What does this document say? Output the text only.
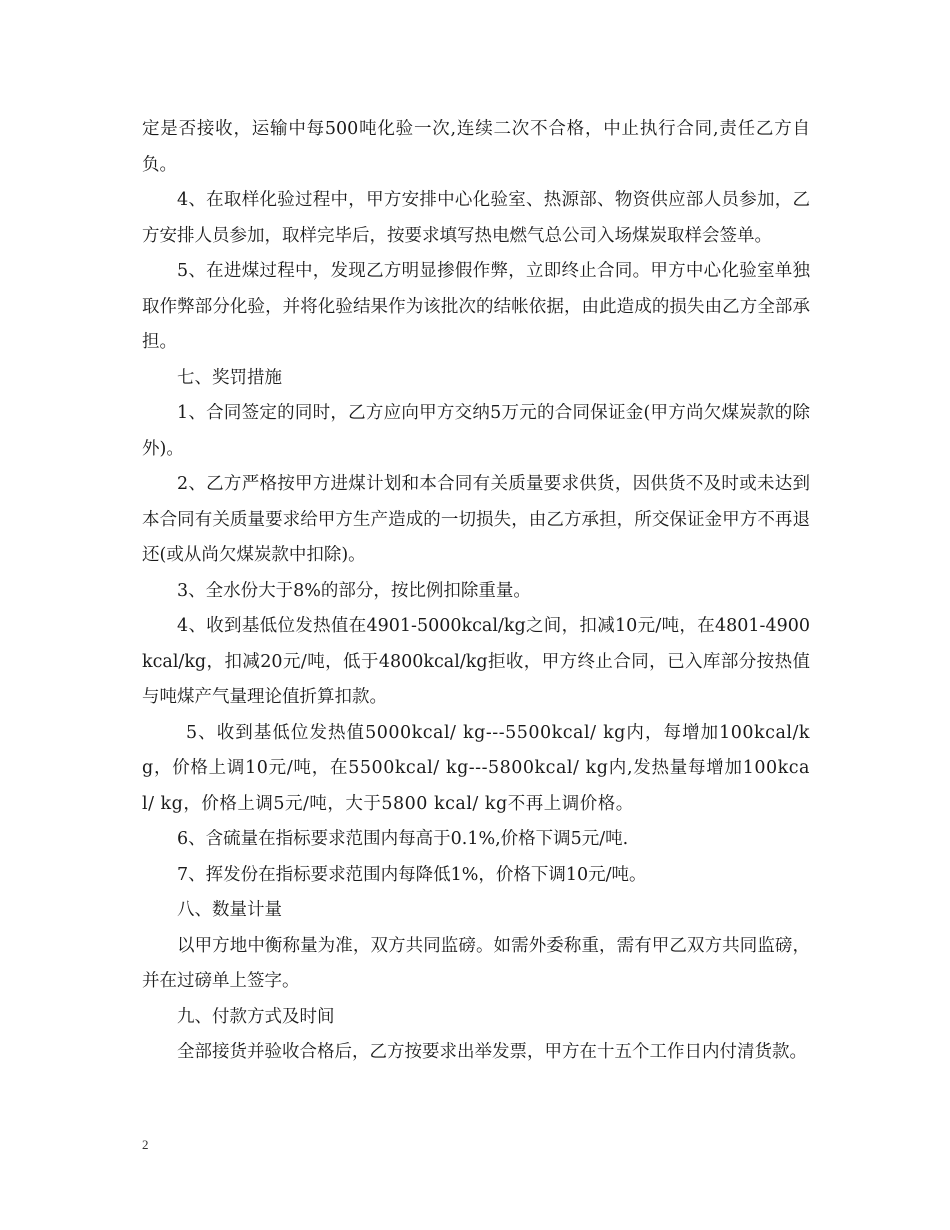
定是否接收，运输中每500吨化验一次,连续二次不合格，中止执行合同,责任乙方自负。

4、在取样化验过程中，甲方安排中心化验室、热源部、物资供应部人员参加，乙方安排人员参加，取样完毕后，按要求填写热电燃气总公司入场煤炭取样会签单。

5、在进煤过程中，发现乙方明显掺假作弊，立即终止合同。甲方中心化验室单独取作弊部分化验，并将化验结果作为该批次的结帐依据，由此造成的损失由乙方全部承担。

七、奖罚措施

1、合同签定的同时，乙方应向甲方交纳5万元的合同保证金(甲方尚欠煤炭款的除外)。

2、乙方严格按甲方进煤计划和本合同有关质量要求供货，因供货不及时或未达到本合同有关质量要求给甲方生产造成的一切损失，由乙方承担，所交保证金甲方不再退还(或从尚欠煤炭款中扣除)。

3、全水份大于8%的部分，按比例扣除重量。

4、收到基低位发热值在4901-5000kcal/kg之间，扣减10元/吨，在4801-4900kcal/kg，扣减20元/吨，低于4800kcal/kg拒收，甲方终止合同，已入库部分按热值与吨煤产气量理论值折算扣款。

5、收到基低位发热值5000kcal/ kg---5500kcal/ kg内，每增加100kcal/kg，价格上调10元/吨，在5500kcal/ kg---5800kcal/ kg内,发热量每增加100kcal/ kg，价格上调5元/吨，大于5800 kcal/ kg不再上调价格。

6、含硫量在指标要求范围内每高于0.1%,价格下调5元/吨.

7、挥发份在指标要求范围内每降低1%，价格下调10元/吨。

八、数量计量

以甲方地中衡称量为准，双方共同监磅。如需外委称重，需有甲乙双方共同监磅，并在过磅单上签字。

九、付款方式及时间

全部接货并验收合格后，乙方按要求出举发票，甲方在十五个工作日内付清货款。

2
